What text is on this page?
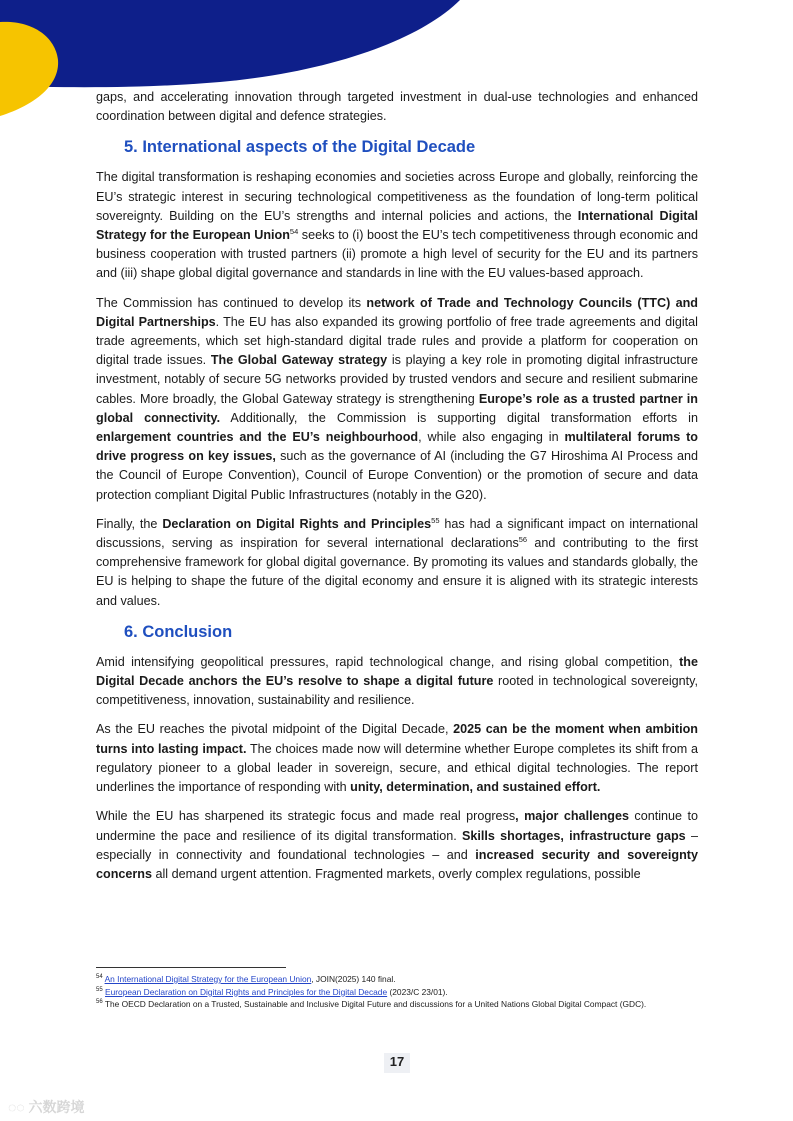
gaps, and accelerating innovation through targeted investment in dual-use technologies and enhanced coordination between digital and defence strategies.

5. International aspects of the Digital Decade

The digital transformation is reshaping economies and societies across Europe and globally, reinforcing the EU’s strategic interest in securing technological competitiveness as the foundation of long-term political sovereignty. Building on the EU’s strengths and internal policies and actions, the International Digital Strategy for the European Union$^{54}$ seeks to (i) boost the EU’s tech competitiveness through economic and business cooperation with trusted partners (ii) promote a high level of security for the EU and its partners and (iii) shape global digital governance and standards in line with the EU values-based approach.

The Commission has continued to develop its network of Trade and Technology Councils (TTC) and Digital Partnerships. The EU has also expanded its growing portfolio of free trade agreements and digital trade agreements, which set high-standard digital trade rules and provide a platform for cooperation on digital trade issues. The Global Gateway strategy is playing a key role in promoting digital infrastructure investment, notably of secure 5G networks provided by trusted vendors and secure and resilient submarine cables. More broadly, the Global Gateway strategy is strengthening Europe’s role as a trusted partner in global connectivity. Additionally, the Commission is supporting digital transformation efforts in enlargement countries and the EU’s neighbourhood, while also engaging in multilateral forums to drive progress on key issues, such as the governance of AI (including the G7 Hiroshima AI Process and the Council of Europe Convention), Council of Europe Convention) or the promotion of secure and data protection compliant Digital Public Infrastructures (notably in the G20).

Finally, the Declaration on Digital Rights and Principles$^{55}$ has had a significant impact on international discussions, serving as inspiration for several international declarations$^{56}$ and contributing to the first comprehensive framework for global digital governance. By promoting its values and standards globally, the EU is helping to shape the future of the digital economy and ensure it is aligned with its strategic interests and values.

6. Conclusion

Amid intensifying geopolitical pressures, rapid technological change, and rising global competition, the Digital Decade anchors the EU’s resolve to shape a digital future rooted in technological sovereignty, competitiveness, innovation, sustainability and resilience.

As the EU reaches the pivotal midpoint of the Digital Decade, 2025 can be the moment when ambition turns into lasting impact. The choices made now will determine whether Europe completes its shift from a regulatory pioneer to a global leader in sovereign, secure, and ethical digital technologies. The report underlines the importance of responding with unity, determination, and sustained effort.

While the EU has sharpened its strategic focus and made real progress, major challenges continue to undermine the pace and resilience of its digital transformation. Skills shortages, infrastructure gaps – especially in connectivity and foundational technologies – and increased security and sovereignty concerns all demand urgent attention. Fragmented markets, overly complex regulations, possible

$^{54}$ An International Digital Strategy for the European Union, JOIN(2025) 140 final.

$^{55}$ European Declaration on Digital Rights and Principles for the Digital Decade (2023/C 23/01).

$^{56}$ The OECD Declaration on a Trusted, Sustainable and Inclusive Digital Future and discussions for a United Nations Global Digital Compact (GDC).

17
◌◌ 六数跨境
